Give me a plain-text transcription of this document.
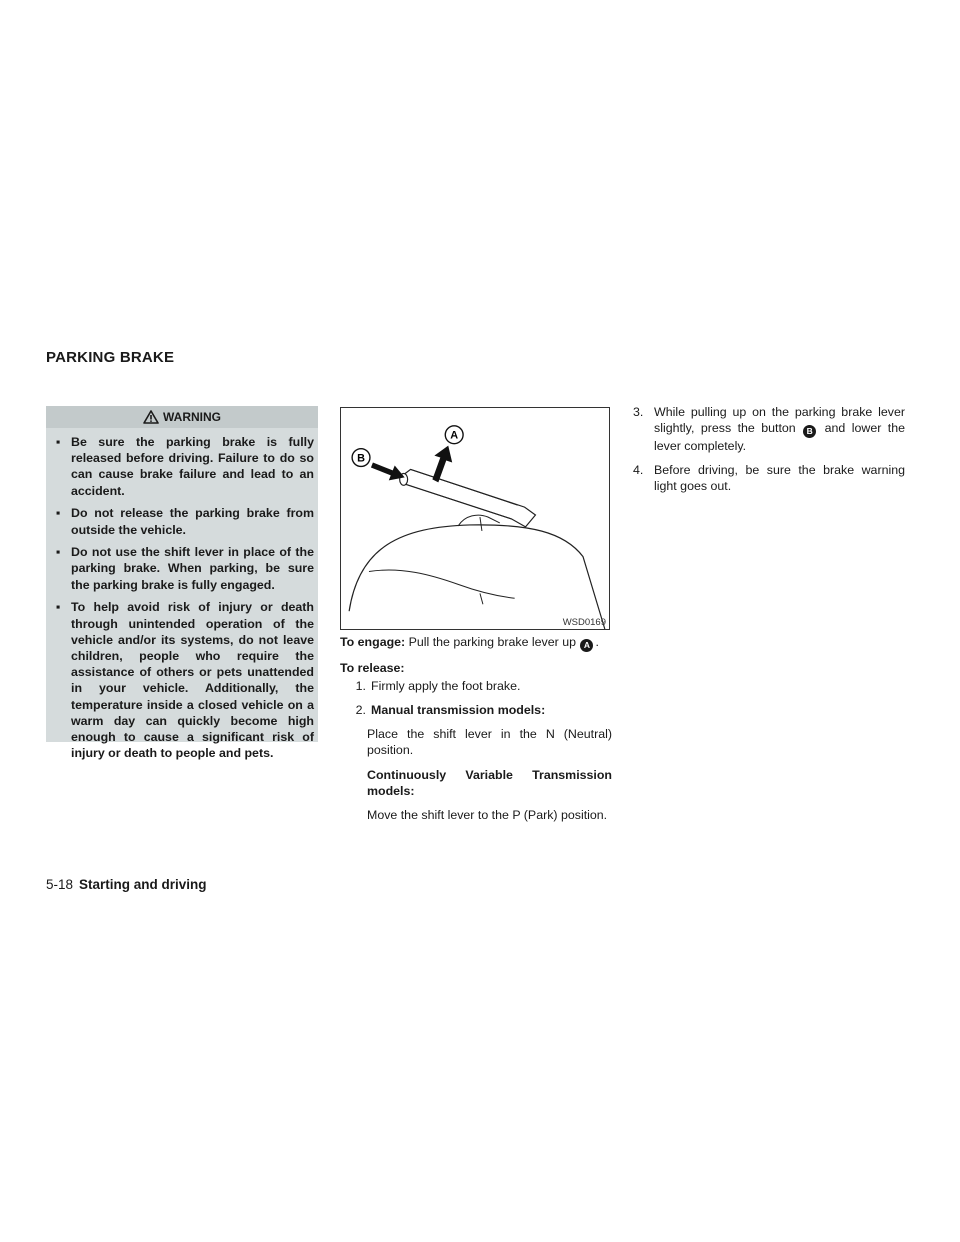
PARKING BRAKE
WARNING
▪ Be sure the parking brake is fully released before driving. Failure to do so can cause brake failure and lead to an accident.
▪ Do not release the parking brake from outside the vehicle.
▪ Do not use the shift lever in place of the parking brake. When parking, be sure the parking brake is fully engaged.
▪ To help avoid risk of injury or death through unintended operation of the vehicle and/or its systems, do not leave children, people who require the assistance of others or pets unattended in your vehicle. Additionally, the temperature inside a closed vehicle on a warm day can quickly become high enough to cause a significant risk of injury or death to people and pets.
A
B
WSD0169

To engage: Pull the parking brake lever up A .

To release:

1. Firmly apply the foot brake.
2. Manual transmission models:

Place the shift lever in the N (Neutral) position.

Continuously Variable Transmission models:

Move the shift lever to the P (Park) position.

3. While pulling up on the parking brake lever slightly, press the button B and lower the lever completely.
4. Before driving, be sure the brake warning light goes out.
5-18 Starting and driving
